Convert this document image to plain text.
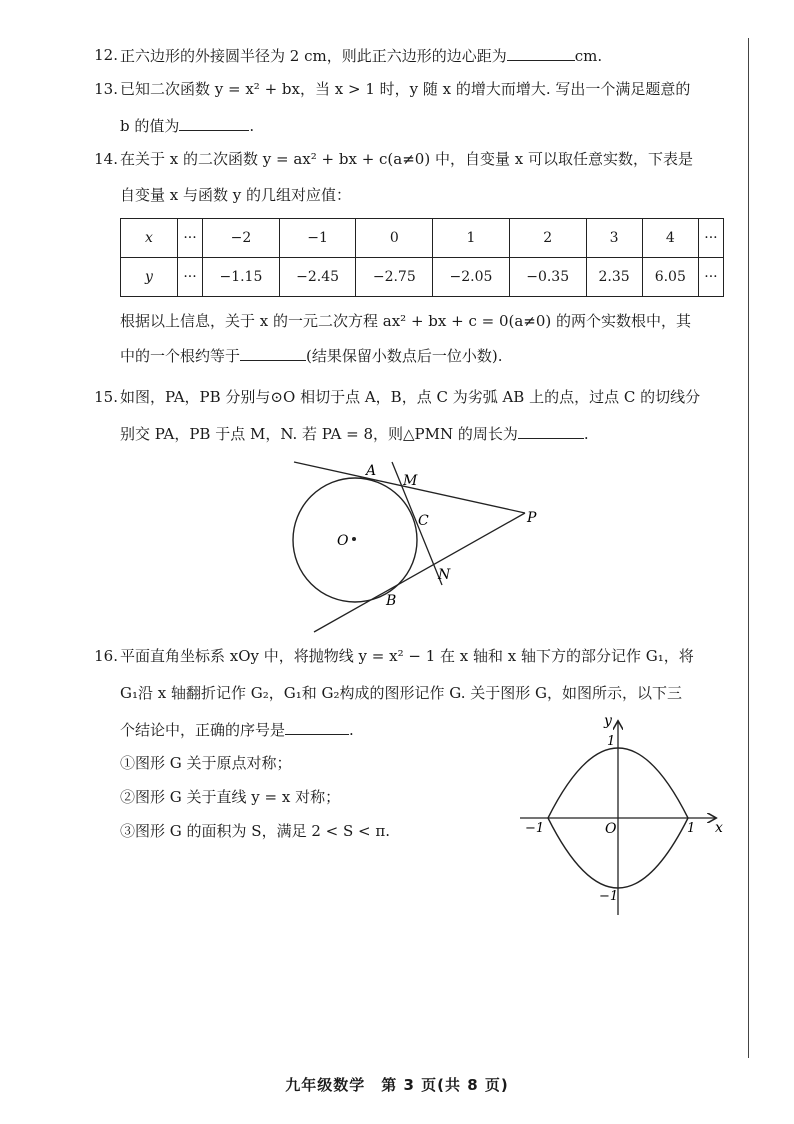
12. 正六边形的外接圆半径为 2 cm，则此正六边形的边心距为	cm.
13. 已知二次函数 y = x² + bx，当 x > 1 时，y 随 x 的增大而增大. 写出一个满足题意的
b 的值为	.
14. 在关于 x 的二次函数 y = ax² + bx + c(a≠0) 中，自变量 x 可以取任意实数，下表是
自变量 x 与函数 y 的几组对应值：
x	···	−2	−1	0	1	2	3	4	···
y	···	−1.15	−2.45	−2.75	−2.05	−0.35	2.35	6.05	···
根据以上信息，关于 x 的一元二次方程 ax² + bx + c = 0(a≠0) 的两个实数根中，其
中的一个根约等于	(结果保留小数点后一位小数).
15. 如图，PA，PB 分别与⊙O 相切于点 A，B，点 C 为劣弧 AB 上的点，过点 C 的切线分
别交 PA，PB 于点 M，N. 若 PA = 8，则△PMN 的周长为	.
A
M
C	P
O
N
B
16. 平面直角坐标系 xOy 中，将抛物线 y = x² − 1 在 x 轴和 x 轴下方的部分记作 G₁，将
G₁沿 x 轴翻折记作 G₂，G₁和 G₂构成的图形记作 G. 关于图形 G，如图所示，以下三
个结论中，正确的序号是	.
①图形 G 关于原点对称；
②图形 G 关于直线 y = x 对称；
③图形 G 的面积为 S，满足 2 < S < π.
y
x
O
1
−1	1
−1
九年级数学　第 3 页(共 8 页)
